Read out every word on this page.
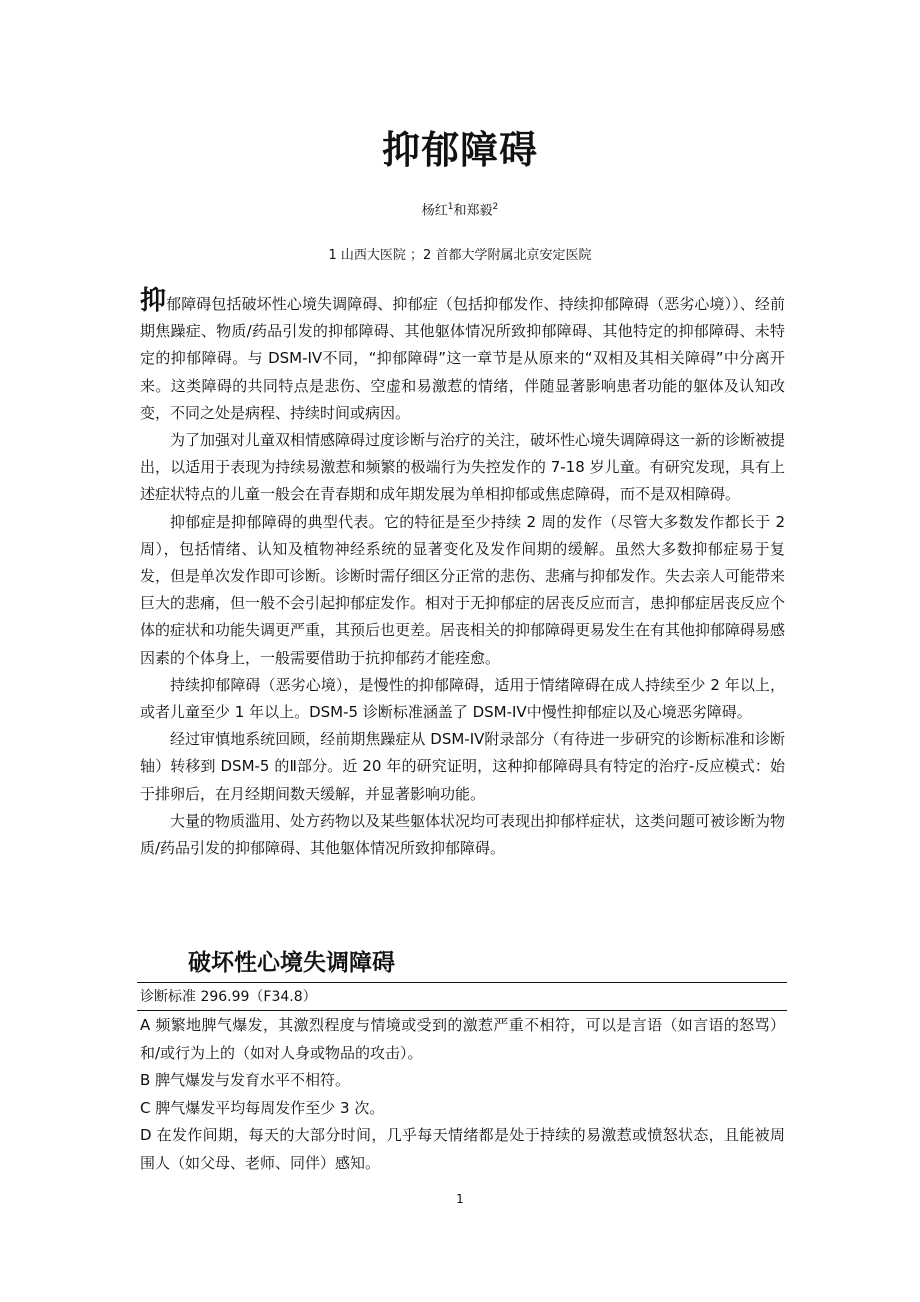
抑郁障碍
杨红$^1$和郑毅$^2$
1 山西大医院 ；2 首都大学附属北京安定医院

抑郁障碍包括破坏性心境失调障碍、抑郁症（包括抑郁发作、持续抑郁障碍（恶劣心境））、经前期焦躁症、物质/药品引发的抑郁障碍、其他躯体情况所致抑郁障碍、其他特定的抑郁障碍、未特定的抑郁障碍。与 DSM-IV不同，“抑郁障碍”这一章节是从原来的“双相及其相关障碍”中分离开来。这类障碍的共同特点是悲伤、空虚和易激惹的情绪，伴随显著影响患者功能的躯体及认知改变，不同之处是病程、持续时间或病因。

为了加强对儿童双相情感障碍过度诊断与治疗的关注，破坏性心境失调障碍这一新的诊断被提出，以适用于表现为持续易激惹和频繁的极端行为失控发作的 7-18 岁儿童。有研究发现，具有上述症状特点的儿童一般会在青春期和成年期发展为单相抑郁或焦虑障碍，而不是双相障碍。

抑郁症是抑郁障碍的典型代表。它的特征是至少持续 2 周的发作（尽管大多数发作都长于 2 周），包括情绪、认知及植物神经系统的显著变化及发作间期的缓解。虽然大多数抑郁症易于复发，但是单次发作即可诊断。诊断时需仔细区分正常的悲伤、悲痛与抑郁发作。失去亲人可能带来巨大的悲痛，但一般不会引起抑郁症发作。相对于无抑郁症的居丧反应而言，患抑郁症居丧反应个体的症状和功能失调更严重，其预后也更差。居丧相关的抑郁障碍更易发生在有其他抑郁障碍易感因素的个体身上，一般需要借助于抗抑郁药才能痊愈。

持续抑郁障碍（恶劣心境），是慢性的抑郁障碍，适用于情绪障碍在成人持续至少 2 年以上，或者儿童至少 1 年以上。DSM-5 诊断标准涵盖了 DSM-IV中慢性抑郁症以及心境恶劣障碍。

经过审慎地系统回顾，经前期焦躁症从 DSM-IV附录部分（有待进一步研究的诊断标准和诊断轴）转移到 DSM-5 的Ⅱ部分。近 20 年的研究证明，这种抑郁障碍具有特定的治疗-反应模式：始于排卵后，在月经期间数天缓解，并显著影响功能。

大量的物质滥用、处方药物以及某些躯体状况均可表现出抑郁样症状，这类问题可被诊断为物质/药品引发的抑郁障碍、其他躯体情况所致抑郁障碍。

破坏性心境失调障碍
诊断标准 296.99（F34.8）

A 频繁地脾气爆发，其激烈程度与情境或受到的激惹严重不相符，可以是言语（如言语的怒骂）和/或行为上的（如对人身或物品的攻击）。

B 脾气爆发与发育水平不相符。

C 脾气爆发平均每周发作至少 3 次。

D 在发作间期，每天的大部分时间，几乎每天情绪都是处于持续的易激惹或愤怒状态，且能被周围人（如父母、老师、同伴）感知。

1
